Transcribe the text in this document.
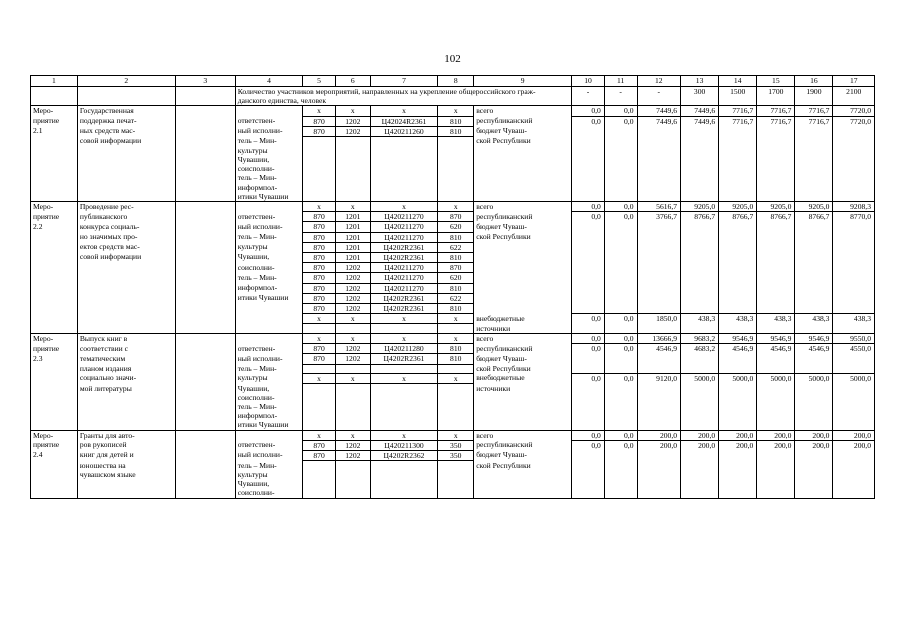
102
1	2	3	4	5	6	7	8	9	10	11	12	13	14	15	16	17

			Количество участников мероприятий, направленных на укрепление общероссийского граж-
данского единства, человек						-	-	-	300	1500	1700	1900	2100
Меро-	Государственная			x	x	x	x	всего	0,0	0,0	7449,6	7449,6	7716,7	7716,7	7716,7	7720,0
приятие	поддержка печат-		ответствен-	870	1202	Ц42024R2361	810	республиканский	0,0	0,0	7449,6	7449,6	7716,7	7716,7	7716,7	7720,0
2.1	ных средств мас-		ный исполни-	870	1202	Ц420211260	810	бюджет Чуваш-								
	совой информации		тель – Мин-					ской Республики								
			культуры													
			Чувашии,													
			соисполни-													
			тель – Мин-													
			информпол-													
			итики Чувашии													
Меро-	Проведение рес-			x	x	x	x	всего	0,0	0,0	5616,7	9205,0	9205,0	9205,0	9205,0	9208,3
приятие	публиканского		ответствен-	870	1201	Ц420211270	870	республиканский	0,0	0,0	3766,7	8766,7	8766,7	8766,7	8766,7	8770,0
2.2	конкурса социаль-		ный исполни-	870	1201	Ц420211270	620	бюджет Чуваш-								
	но значимых про-		тель – Мин-	870	1201	Ц420211270	810	ской Республики								
	ектов средств мас-		культуры	870	1201	Ц4202R2361	622									
	совой информации		Чувашии,	870	1201	Ц4202R2361	810									
			соисполни-	870	1202	Ц420211270	870									
			тель – Мин-	870	1202	Ц420211270	620									
			информпол-	870	1202	Ц420211270	810									
			итики Чувашии	870	1202	Ц4202R2361	622									
				870	1202	Ц4202R2361	810									
				x	x	x	x	внебюджетные	0,0	0,0	1850,0	438,3	438,3	438,3	438,3	438,3
								источники								
Меро-	Выпуск книг в			x	x	x	x	всего	0,0	0,0	13666,9	9683,2	9546,9	9546,9	9546,9	9550,0
приятие	соответствии с		ответствен-	870	1202	Ц420211280	810	республиканский	0,0	0,0	4546,9	4683,2	4546,9	4546,9	4546,9	4550,0
2.3	тематическим		ный исполни-	870	1202	Ц4202R2361	810	бюджет Чуваш-								
	планом издания		тель – Мин-					ской Республики								
	социально значи-		культуры	x	x	x	x	внебюджетные	0,0	0,0	9120,0	5000,0	5000,0	5000,0	5000,0	5000,0
	мой литературы		Чувашии,					источники								
			соисполни-													
			тель – Мин-													
			информпол-													
			итики Чувашии													
Меро-	Гранты для авто-			x	x	x	x	всего	0,0	0,0	200,0	200,0	200,0	200,0	200,0	200,0
приятие	ров рукописей		ответствен-	870	1202	Ц420211300	350	республиканский	0,0	0,0	200,0	200,0	200,0	200,0	200,0	200,0
2.4	книг для детей и		ный исполни-	870	1202	Ц4202R2362	350	бюджет Чуваш-								
	юношества на		тель – Мин-					ской Республики								
	чувашском языке		культуры													
			Чувашии,													
			соисполни-													
